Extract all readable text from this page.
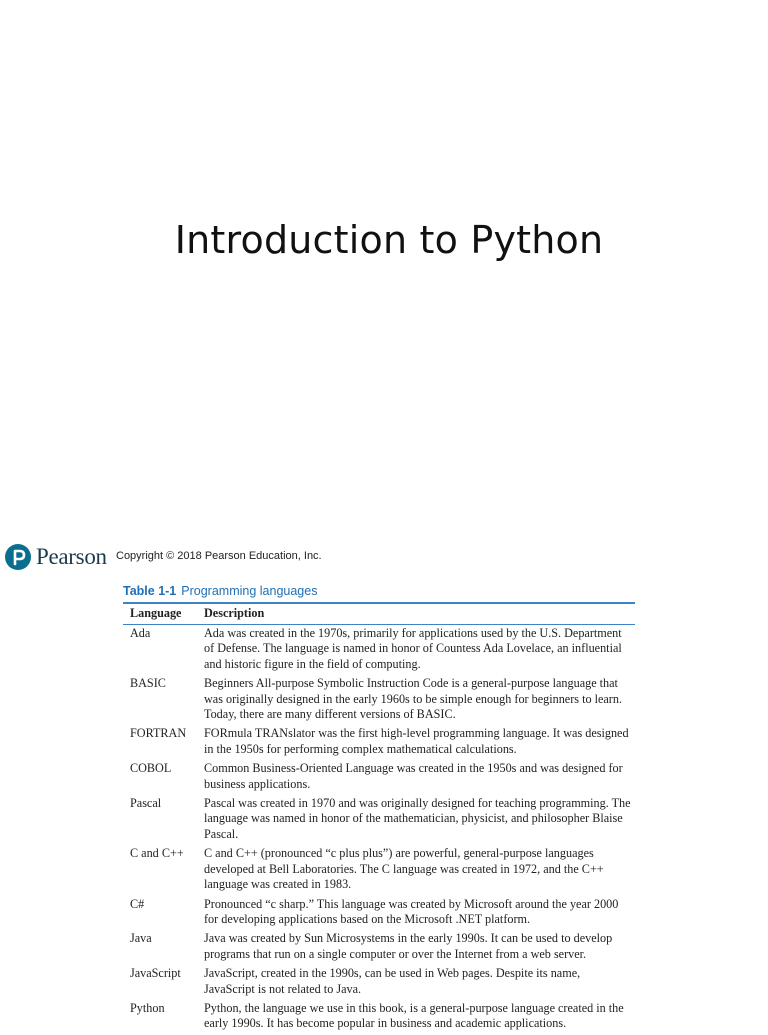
Introduction to Python
Pearson Copyright © 2018 Pearson Education, Inc.
Table 1-1 Programming languages
Language	Description
Ada	Ada was created in the 1970s, primarily for applications used by the U.S. Department of Defense. The language is named in honor of Countess Ada Lovelace, an influential and historic figure in the field of computing.
BASIC	Beginners All-purpose Symbolic Instruction Code is a general-purpose language that was originally designed in the early 1960s to be simple enough for beginners to learn. Today, there are many different versions of BASIC.
FORTRAN	FORmula TRANslator was the first high-level programming language. It was designed in the 1950s for performing complex mathematical calculations.
COBOL	Common Business-Oriented Language was created in the 1950s and was designed for business applications.
Pascal	Pascal was created in 1970 and was originally designed for teaching programming. The language was named in honor of the mathematician, physicist, and philosopher Blaise Pascal.
C and C++	C and C++ (pronounced “c plus plus”) are powerful, general-purpose languages developed at Bell Laboratories. The C language was created in 1972, and the C++ language was created in 1983.
C#	Pronounced “c sharp.” This language was created by Microsoft around the year 2000 for developing applications based on the Microsoft .NET platform.
Java	Java was created by Sun Microsystems in the early 1990s. It can be used to develop programs that run on a single computer or over the Internet from a web server.
JavaScript	JavaScript, created in the 1990s, can be used in Web pages. Despite its name, JavaScript is not related to Java.
Python	Python, the language we use in this book, is a general-purpose language created in the early 1990s. It has become popular in business and academic applications.
